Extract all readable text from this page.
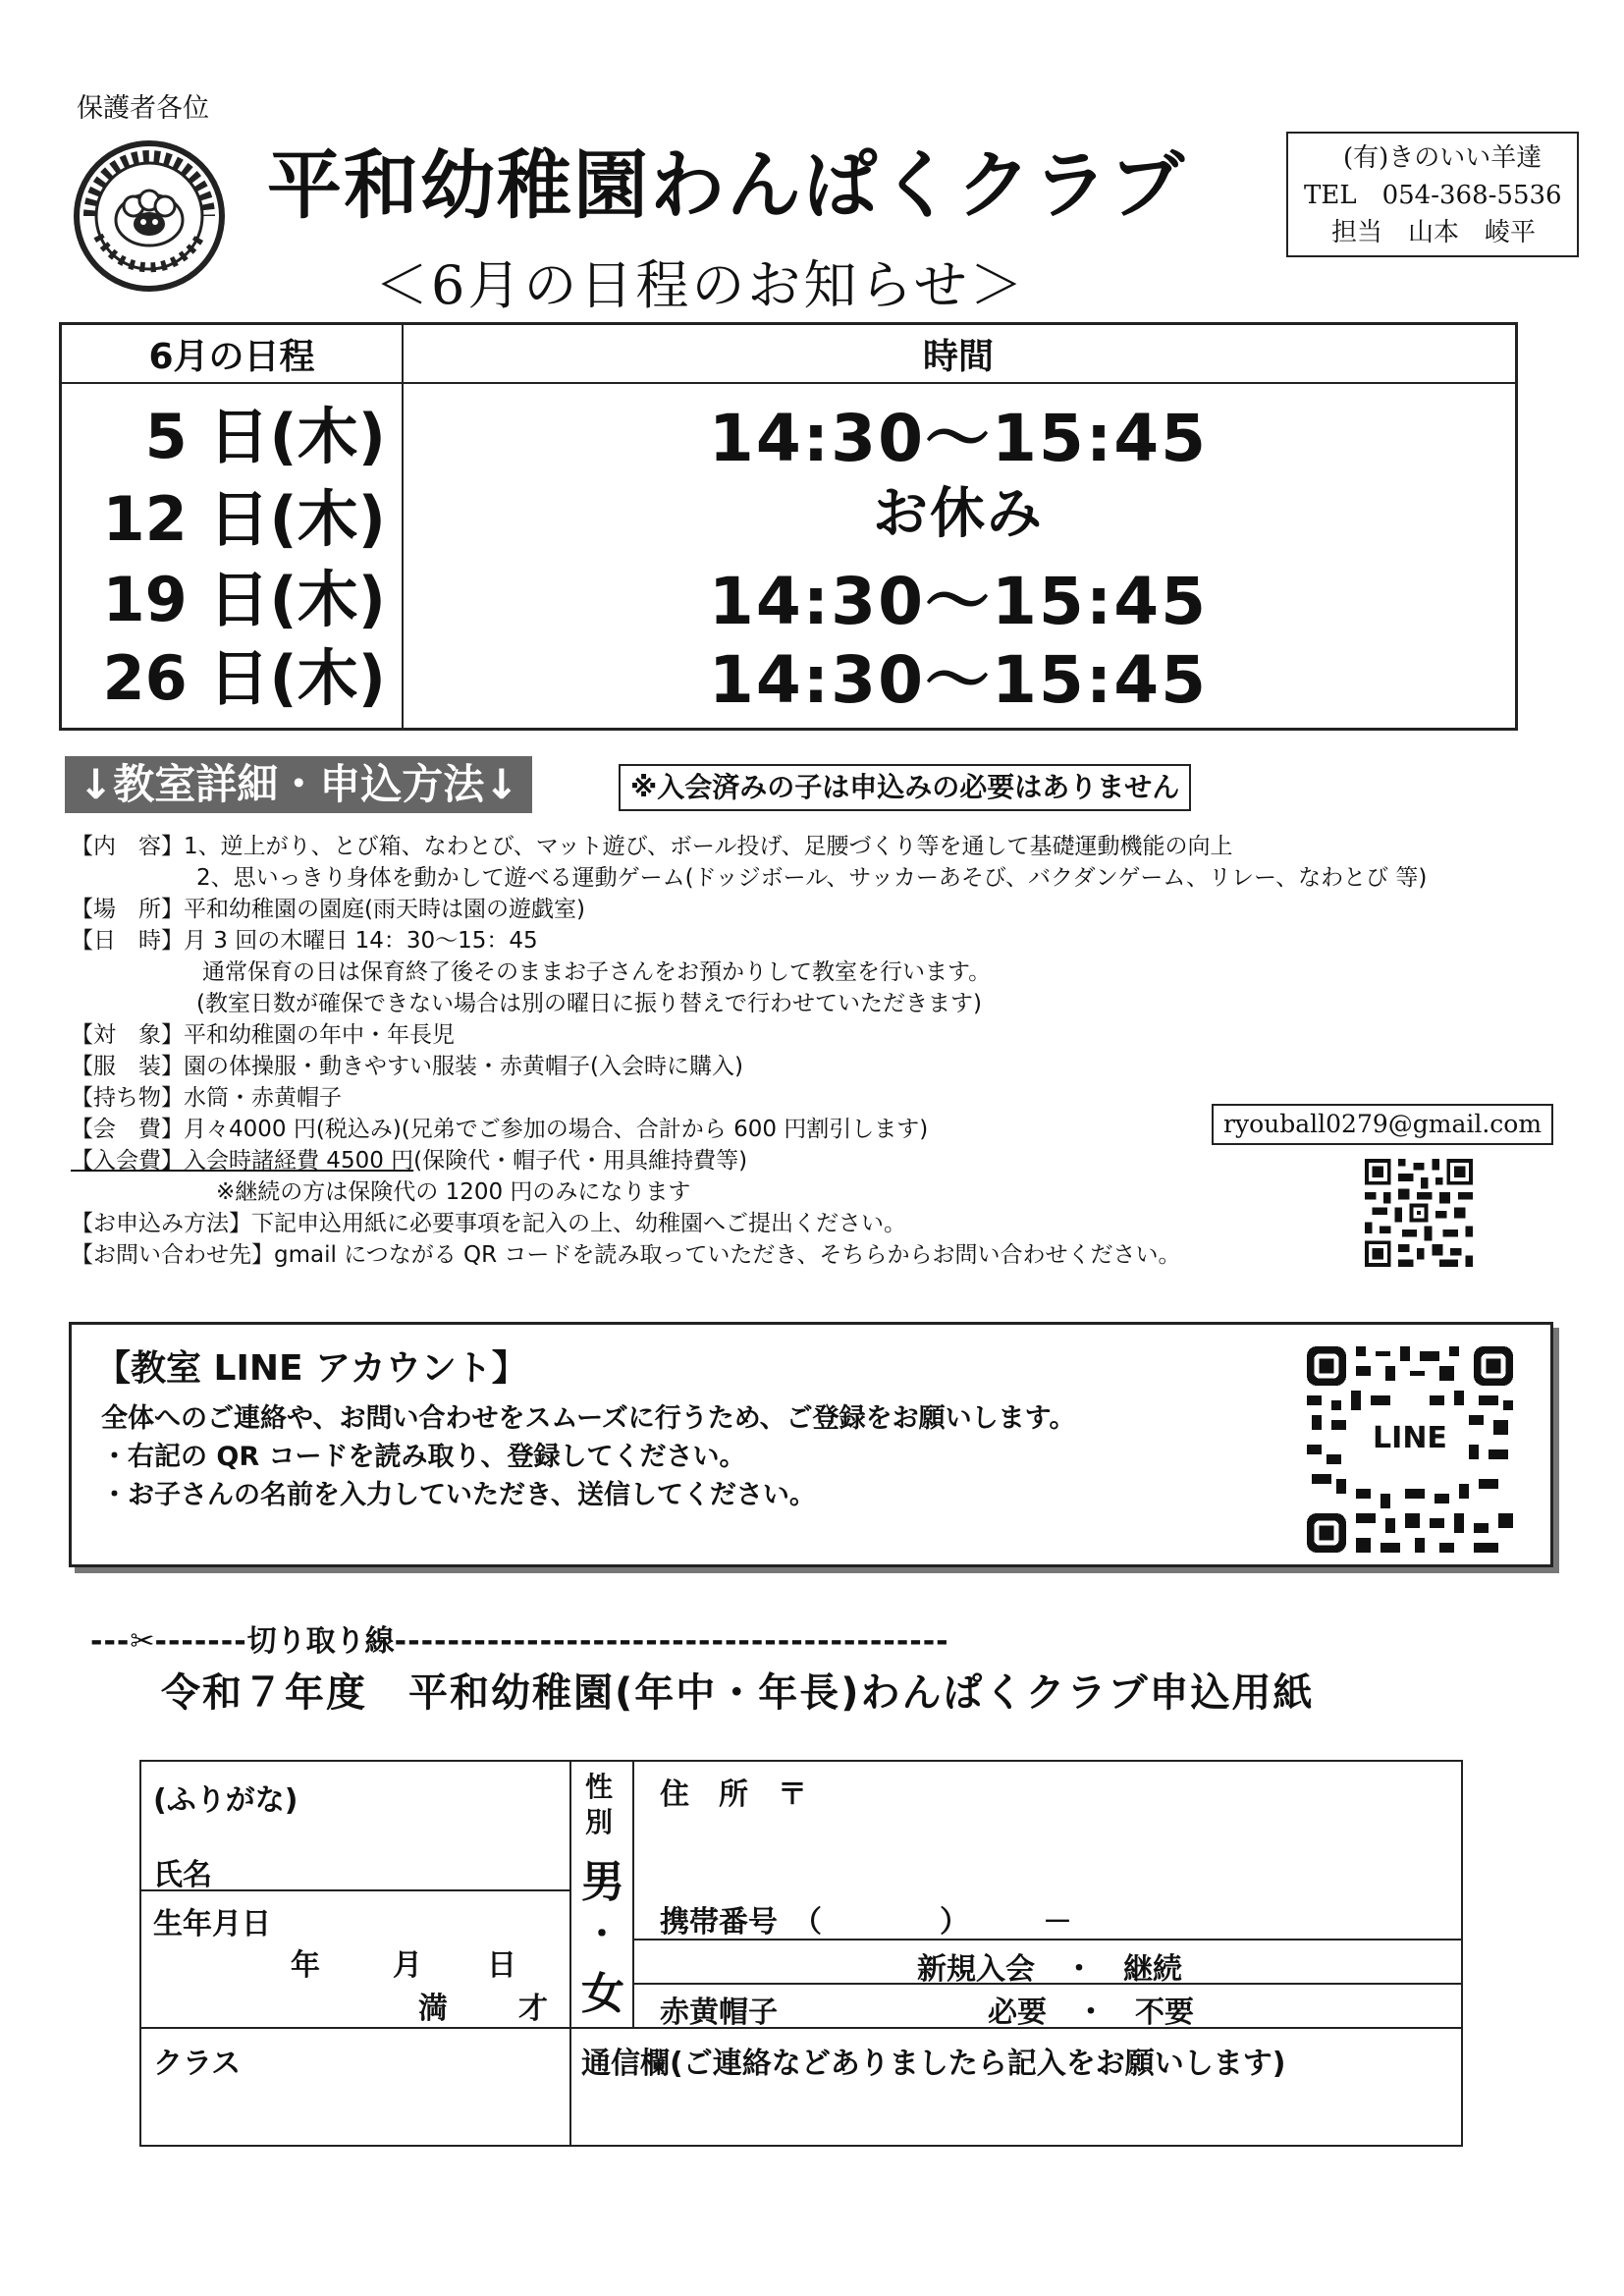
保護者各位
平和幼稚園わんぱくクラブ
＜6月の日程のお知らせ＞
(有)きのいい羊達
TEL　054-368-5536
担当　山本　崚平
6月の日程	時間
5 日(木)	14:30～15:45
12 日(木)	お休み
19 日(木)	14:30～15:45
26 日(木)	14:30～15:45
↓教室詳細・申込方法↓	※入会済みの子は申込みの必要はありません
【内　容】1、逆上がり、とび箱、なわとび、マット遊び、ボール投げ、足腰づくり等を通して基礎運動機能の向上
2、思いっきり身体を動かして遊べる運動ゲーム(ドッジボール、サッカーあそび、バクダンゲーム、リレー、なわとび 等)
【場　所】平和幼稚園の園庭(雨天時は園の遊戯室)
【日　時】月 3 回の木曜日 14：30～15：45
通常保育の日は保育終了後そのままお子さんをお預かりして教室を行います。
(教室日数が確保できない場合は別の曜日に振り替えで行わせていただきます)
【対　象】平和幼稚園の年中・年長児
【服　装】園の体操服・動きやすい服装・赤黄帽子(入会時に購入)
【持ち物】水筒・赤黄帽子
【会　費】月々4000 円(税込み)(兄弟でご参加の場合、合計から 600 円割引します)
【入会費】入会時諸経費 4500 円(保険代・帽子代・用具維持費等)
※継続の方は保険代の 1200 円のみになります
【お申込み方法】下記申込用紙に必要事項を記入の上、幼稚園へご提出ください。
【お問い合わせ先】gmail につながる QR コードを読み取っていただき、そちらからお問い合わせください。
ryouball0279@gmail.com
【教室 LINE アカウント】
全体へのご連絡や、お問い合わせをスムーズに行うため、ご登録をお願いします。
・右記の QR コードを読み取り、登録してください。
・お子さんの名前を入力していただき、送信してください。
LINE
---✂-------切り取り線------------------------------------------
令和７年度　平和幼稚園(年中・年長)わんぱくクラブ申込用紙
(ふりがな)
氏名
生年月日
年 月 日
満 才
性
別
男
・
女
住　所　〒
携帯番号　（　　　　）　　　－
新規入会　・　継続
赤黄帽子	必要　・　不要
クラス	通信欄(ご連絡などありましたら記入をお願いします)
